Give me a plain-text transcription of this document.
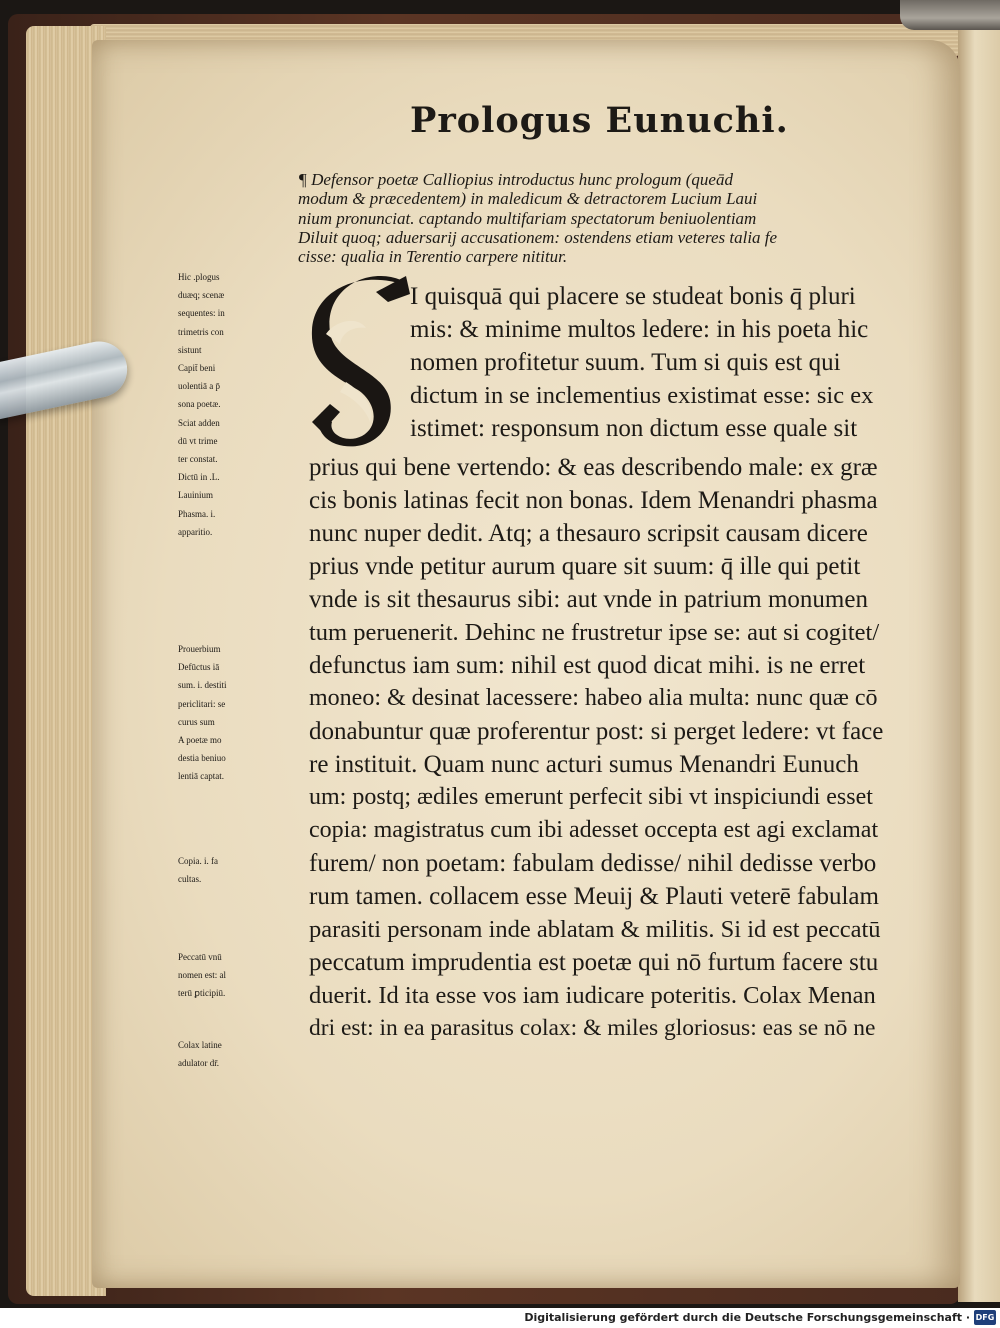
Prologus Eunuchi.
¶ Defensor poetæ Calliopius introductus hunc prologum (queād
modum & præcedentem) in maledicum & detractorem Lucium Laui
nium pronunciat. captando multifariam spectatorum beniuolentiam
Diluit quoq; aduersarij accusationem: ostendens etiam veteres talia fe
cisse: qualia in Terentio carpere nititur.
S
I quisquā qui placere se studeat bonis q̄ pluri
mis: & minime multos ledere: in his poeta hic
nomen profitetur suum. Tum si quis est qui
dictum in se inclementius existimat esse: sic ex
istimet: responsum non dictum esse quale sit
prius qui bene vertendo: & eas describendo male: ex græ
cis bonis latinas fecit non bonas. Idem Menandri phasma
nunc nuper dedit. Atq; a thesauro scripsit causam dicere
prius vnde petitur aurum quare sit suum: q̄ ille qui petit
vnde is sit thesaurus sibi: aut vnde in patrium monumen
tum peruenerit. Dehinc ne frustretur ipse se: aut si cogitet/
defunctus iam sum: nihil est quod dicat mihi. is ne erret
moneo: & desinat lacessere: habeo alia multa: nunc quæ cō
donabuntur quæ proferentur post: si perget ledere: vt face
re instituit. Quam nunc acturi sumus Menandri Eunuch
um: postq; ædiles emerunt perfecit sibi vt inspiciundi esset
copia: magistratus cum ibi adesset occepta est agi exclamat
furem/ non poetam: fabulam dedisse/ nihil dedisse verbo
rum tamen. collacem esse Meuij & Plauti veterē fabulam
parasiti personam inde ablatam & militis. Si id est peccatū
peccatum imprudentia est poetæ qui nō furtum facere stu
duerit. Id ita esse vos iam iudicare poteritis. Colax Menan
dri est: in ea parasitus colax: & miles gloriosus: eas se nō ne
Hic .plogus
duæq; scenæ
sequentes: in
trimetris con
sistunt
Capit̄ beni
uolentiā a p̄
sona poetæ.
Sciat adden
dū vt trime
ter constat.
Dictū in .L.
Lauinium
Phasma. i.
apparitio.
Prouerbium
Defūctus iā
sum. i. destiti
periclitari: se
curus sum
A poetæ mo
destia beniuo
lentiā captat.
Copia. i. fa
cultas.
Peccatū vnū
nomen est: al
terū ꝑticipiū.
Colax latine
adulator dr̄.
Digitalisierung gefördert durch die Deutsche Forschungsgemeinschaft · DFG
